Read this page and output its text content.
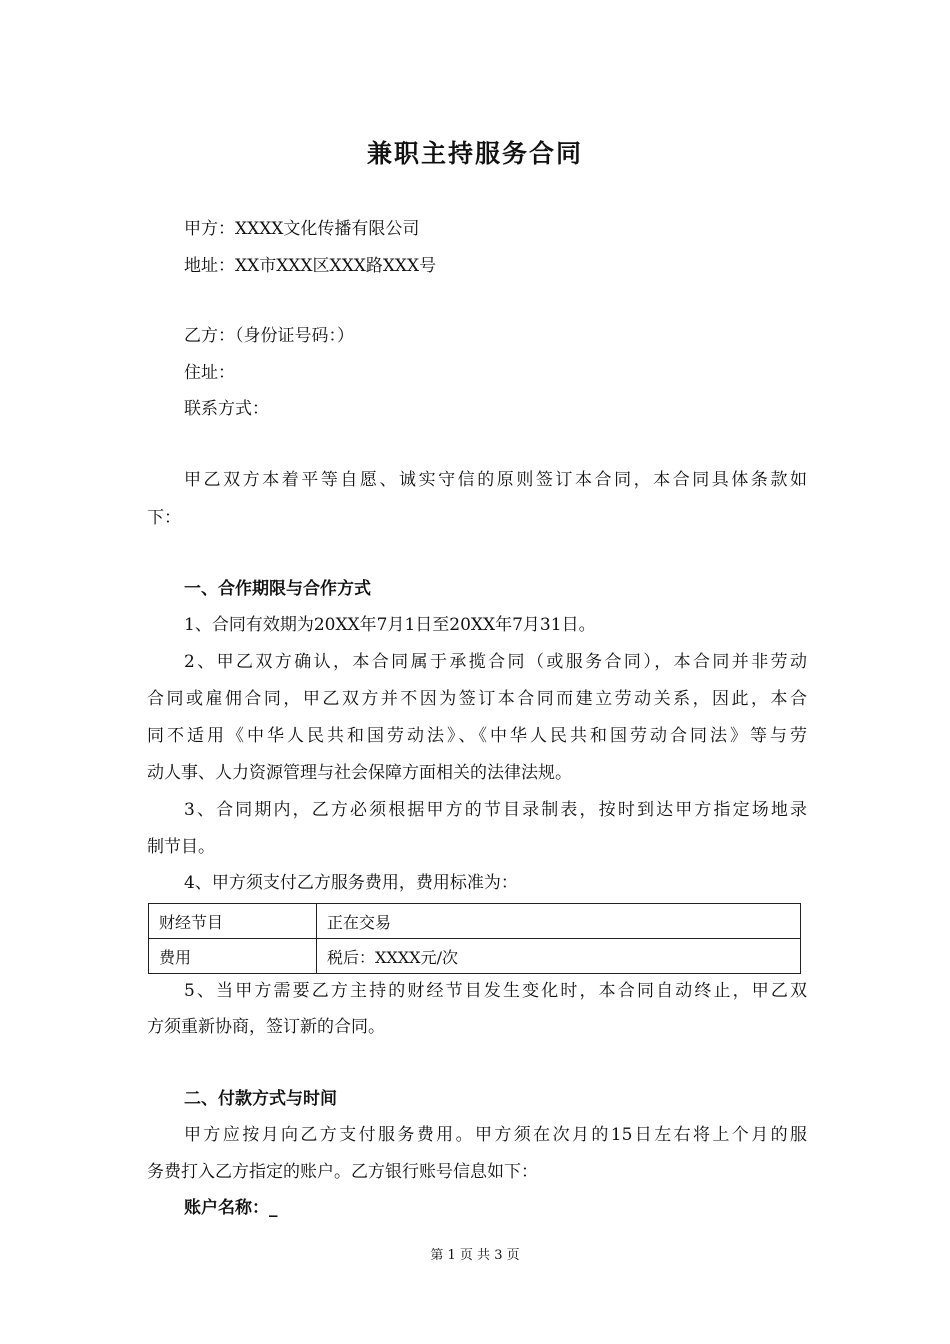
兼职主持服务合同
甲方：XXXX文化传播有限公司
地址：XX市XXX区XXX路XXX号
乙方：（身份证号码：）
住址：
联系方式：
甲乙双方本着平等自愿、诚实守信的原则签订本合同，本合同具体条款如
下：
一、合作期限与合作方式
1、合同有效期为20XX年7月1日至20XX年7月31日。
2、甲乙双方确认，本合同属于承揽合同（或服务合同），本合同并非劳动
合同或雇佣合同，甲乙双方并不因为签订本合同而建立劳动关系，因此，本合
同不适用《中华人民共和国劳动法》、《中华人民共和国劳动合同法》等与劳
动人事、人力资源管理与社会保障方面相关的法律法规。
3、合同期内，乙方必须根据甲方的节目录制表，按时到达甲方指定场地录
制节目。
4、甲方须支付乙方服务费用，费用标准为：
财经节目	正在交易
费用	税后：XXXX元/次
5、当甲方需要乙方主持的财经节目发生变化时，本合同自动终止，甲乙双
方须重新协商，签订新的合同。
二、付款方式与时间
甲方应按月向乙方支付服务费用。甲方须在次月的15日左右将上个月的服
务费打入乙方指定的账户。乙方银行账号信息如下：
账户名称：_
第 1 页 共 3 页
